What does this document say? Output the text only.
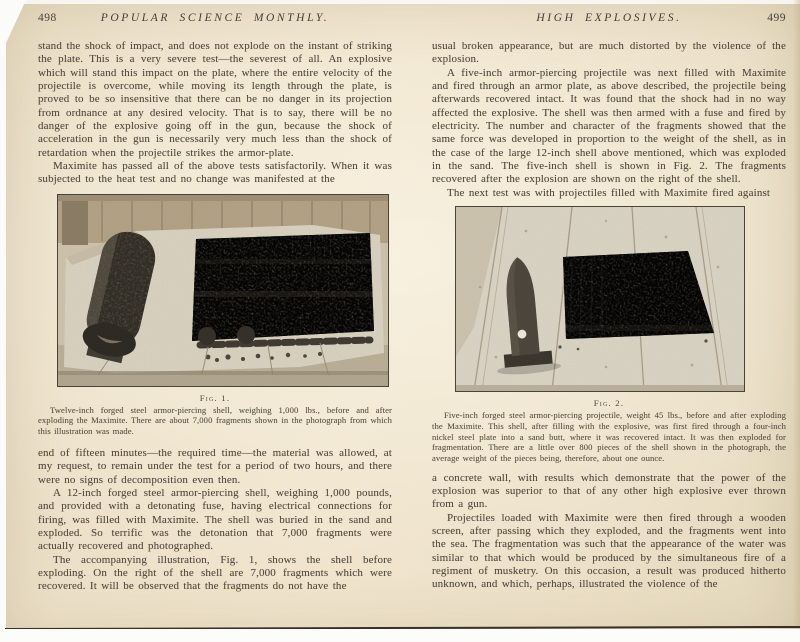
498	POPULAR SCIENCE MONTHLY.

stand the shock of impact, and does not explode on the instant of striking the plate. This is a very severe test—the severest of all. An explosive which will stand this impact on the plate, where the entire velocity of the projectile is overcome, while moving its length through the plate, is proved to be so insensitive that there can be no danger in its projection from ordnance at any desired velocity. That is to say, there will be no danger of the explosive going off in the gun, because the shock of acceleration in the gun is necessarily very much less than the shock of retardation when the projectile strikes the armor-plate.

Maximite has passed all of the above tests satisfactorily. When it was subjected to the heat test and no change was manifested at the

Fig. 1.
Twelve-inch forged steel armor-piercing shell, weighing 1,000 lbs., before and after exploding the Maximite. There are about 7,000 fragments shown in the photograph from which this illustration was made.

end of fifteen minutes—the required time—the material was allowed, at my request, to remain under the test for a period of two hours, and there were no signs of decomposition even then.

A 12-inch forged steel armor-piercing shell, weighing 1,000 pounds, and provided with a detonating fuse, having electrical connections for firing, was filled with Maximite. The shell was buried in the sand and exploded. So terrific was the detonation that 7,000 fragments were actually recovered and photographed.

The accompanying illustration, Fig. 1, shows the shell before exploding. On the right of the shell are 7,000 fragments which were recovered. It will be observed that the fragments do not have the

HIGH EXPLOSIVES.	499

usual broken appearance, but are much distorted by the violence of the explosion.

A five-inch armor-piercing projectile was next filled with Maximite and fired through an armor plate, as above described, the projectile being afterwards recovered intact. It was found that the shock had in no way affected the explosive. The shell was then armed with a fuse and fired by electricity. The number and character of the fragments showed that the same force was developed in proportion to the weight of the shell, as in the case of the large 12-inch shell above mentioned, which was exploded in the sand. The five-inch shell is shown in Fig. 2. The fragments recovered after the explosion are shown on the right of the shell.

The next test was with projectiles filled with Maximite fired against

Fig. 2.
Five-inch forged steel armor-piercing projectile, weight 45 lbs., before and after exploding the Maximite. This shell, after filling with the explosive, was first fired through a four-inch nickel steel plate into a sand butt, where it was recovered intact. It was then exploded for fragmentation. There are a little over 800 pieces of the shell shown in the photograph, the average weight of the pieces being, therefore, about one ounce.

a concrete wall, with results which demonstrate that the power of the explosion was superior to that of any other high explosive ever thrown from a gun.

Projectiles loaded with Maximite were then fired through a wooden screen, after passing which they exploded, and the fragments went into the sea. The fragmentation was such that the appearance of the water was similar to that which would be produced by the simultaneous fire of a regiment of musketry. On this occasion, a result was produced hitherto unknown, and which, perhaps, illustrated the violence of the
